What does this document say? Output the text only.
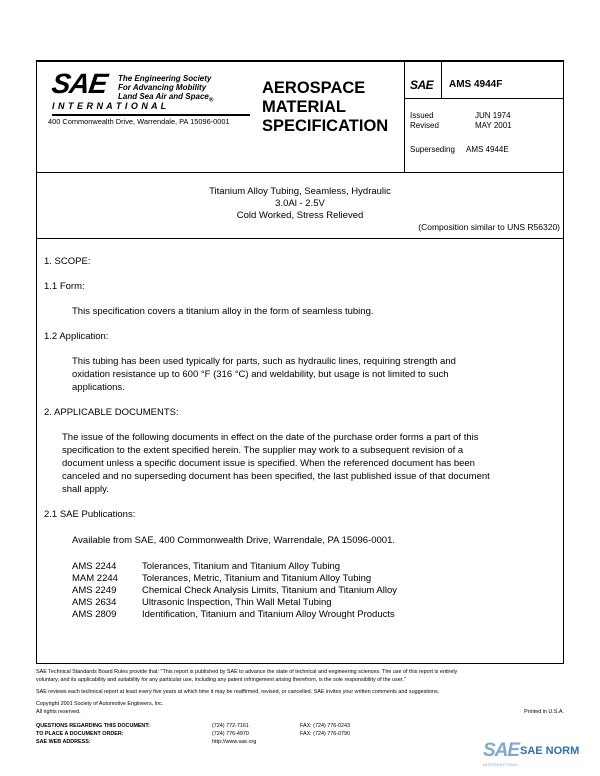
SAE The Engineering Society
For Advancing Mobility
Land Sea Air and Space$_®$
I N T E R N A T I O N A L
400 Commonwealth Drive, Warrendale, PA 15096-0001
AEROSPACE
MATERIAL
SPECIFICATION
SAE AMS 4944F
Issued	JUN 1974
Revised	MAY 2001
Superseding AMS 4944E
Titanium Alloy Tubing, Seamless, Hydraulic
3.0Al - 2.5V
Cold Worked, Stress Relieved
(Composition similar to UNS R56320)
1. SCOPE:
1.1 Form:
This specification covers a titanium alloy in the form of seamless tubing.
1.2 Application:
This tubing has been used typically for parts, such as hydraulic lines, requiring strength and
oxidation resistance up to 600 °F (316 °C) and weldability, but usage is not limited to such
applications.
2. APPLICABLE DOCUMENTS:
The issue of the following documents in effect on the date of the purchase order forms a part of this
specification to the extent specified herein. The supplier may work to a subsequent revision of a
document unless a specific document issue is specified. When the referenced document has been
canceled and no superseding document has been specified, the last published issue of that document
shall apply.
2.1 SAE Publications:
Available from SAE, 400 Commonwealth Drive, Warrendale, PA 15096-0001.
AMS 2244	Tolerances, Titanium and Titanium Alloy Tubing
MAM 2244	Tolerances, Metric, Titanium and Titanium Alloy Tubing
AMS 2249	Chemical Check Analysis Limits, Titanium and Titanium Alloy
AMS 2634	Ultrasonic Inspection, Thin Wall Metal Tubing
AMS 2809	Identification, Titanium and Titanium Alloy Wrought Products
SAE Technical Standards Board Rules provide that: "This report is published by SAE to advance the state of technical and engineering sciences. The use of this report is entirely
voluntary, and its applicability and suitability for any particular use, including any patent infringement arising therefrom, is the sole responsibility of the user."
SAE reviews each technical report at least every five years at which time it may be reaffirmed, revised, or cancelled. SAE invites your written comments and suggestions.
Copyright 2001 Society of Automotive Engineers, Inc.
All rights reserved.	Printed in U.S.A.
QUESTIONS REGARDING THIS DOCUMENT:	(724) 772-7161	FAX: (724) 776-0243
TO PLACE A DOCUMENT ORDER:	(724) 776-4970	FAX: (724) 776-0790
SAE WEB ADDRESS:	http://www.sae.org	SAE SAE NORM
INTERNATIONAL
